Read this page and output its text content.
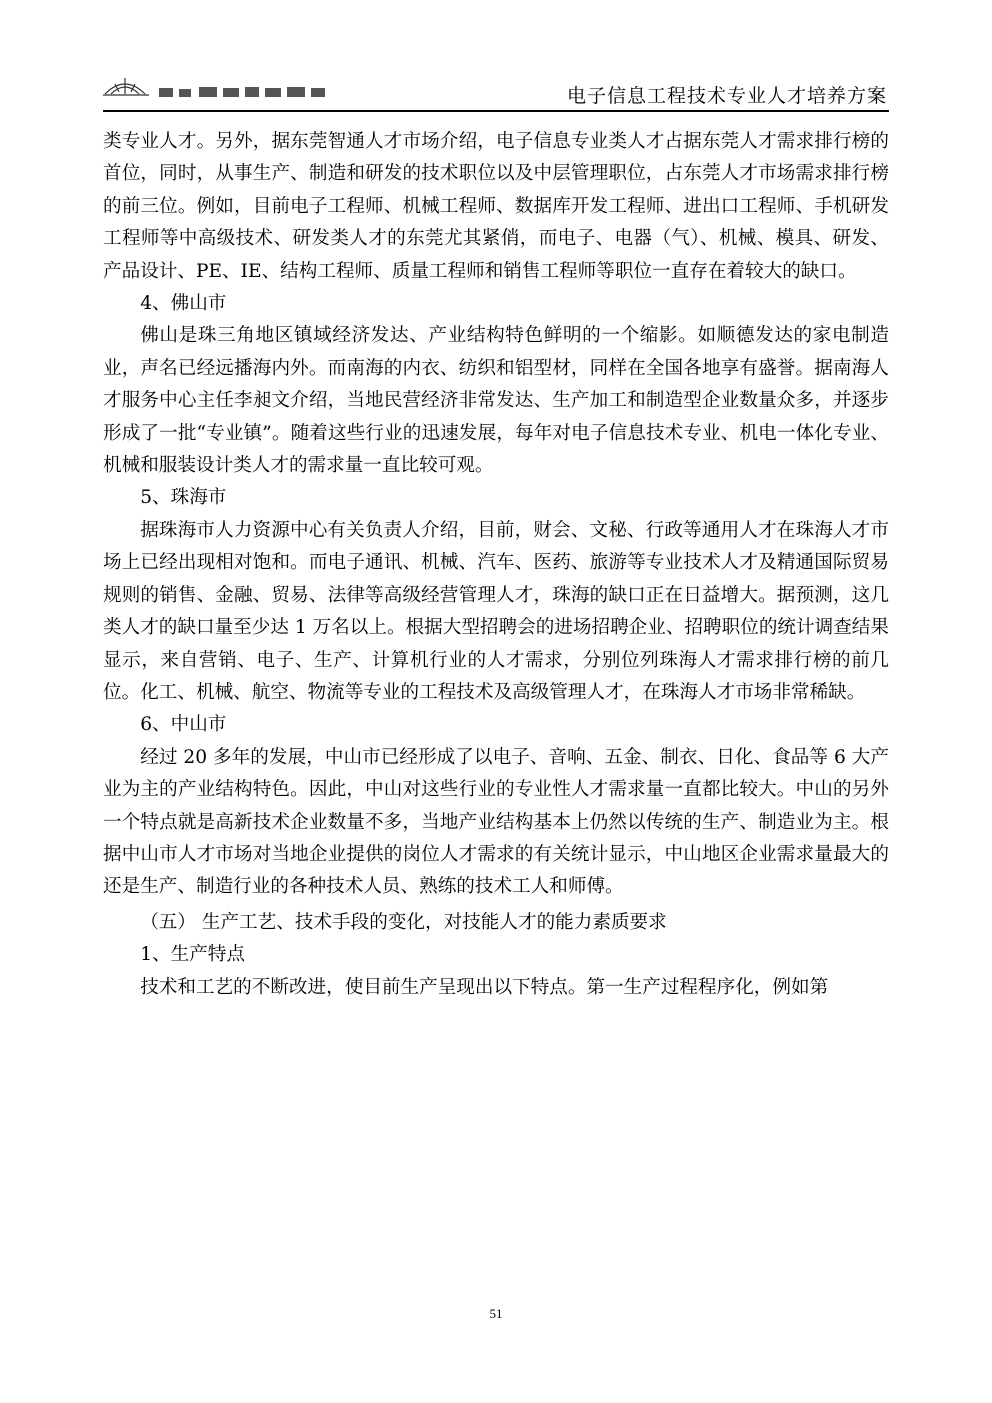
电子信息工程技术专业人才培养方案

类专业人才。另外，据东莞智通人才市场介绍，电子信息专业类人才占据东莞人才需求排行榜的首位，同时，从事生产、制造和研发的技术职位以及中层管理职位，占东莞人才市场需求排行榜的前三位。例如，目前电子工程师、机械工程师、数据库开发工程师、进出口工程师、手机研发工程师等中高级技术、研发类人才的东莞尤其紧俏，而电子、电器（气）、机械、模具、研发、产品设计、PE、IE、结构工程师、质量工程师和销售工程师等职位一直存在着较大的缺口。

4、佛山市

佛山是珠三角地区镇域经济发达、产业结构特色鲜明的一个缩影。如顺德发达的家电制造业，声名已经远播海内外。而南海的内衣、纺织和铝型材，同样在全国各地享有盛誉。据南海人才服务中心主任李昶文介绍，当地民营经济非常发达、生产加工和制造型企业数量众多，并逐步形成了一批“专业镇”。随着这些行业的迅速发展，每年对电子信息技术专业、机电一体化专业、机械和服装设计类人才的需求量一直比较可观。

5、珠海市

据珠海市人力资源中心有关负责人介绍，目前，财会、文秘、行政等通用人才在珠海人才市场上已经出现相对饱和。而电子通讯、机械、汽车、医药、旅游等专业技术人才及精通国际贸易规则的销售、金融、贸易、法律等高级经营管理人才，珠海的缺口正在日益增大。据预测，这几类人才的缺口量至少达 1 万名以上。根据大型招聘会的进场招聘企业、招聘职位的统计调查结果显示，来自营销、电子、生产、计算机行业的人才需求，分别位列珠海人才需求排行榜的前几位。化工、机械、航空、物流等专业的工程技术及高级管理人才，在珠海人才市场非常稀缺。

6、中山市

经过 20 多年的发展，中山市已经形成了以电子、音响、五金、制衣、日化、食品等 6 大产业为主的产业结构特色。因此，中山对这些行业的专业性人才需求量一直都比较大。中山的另外一个特点就是高新技术企业数量不多，当地产业结构基本上仍然以传统的生产、制造业为主。根据中山市人才市场对当地企业提供的岗位人才需求的有关统计显示，中山地区企业需求量最大的还是生产、制造行业的各种技术人员、熟练的技术工人和师傅。

（五） 生产工艺、技术手段的变化，对技能人才的能力素质要求

1、生产特点

技术和工艺的不断改进，使目前生产呈现出以下特点。第一生产过程程序化，例如第

51
